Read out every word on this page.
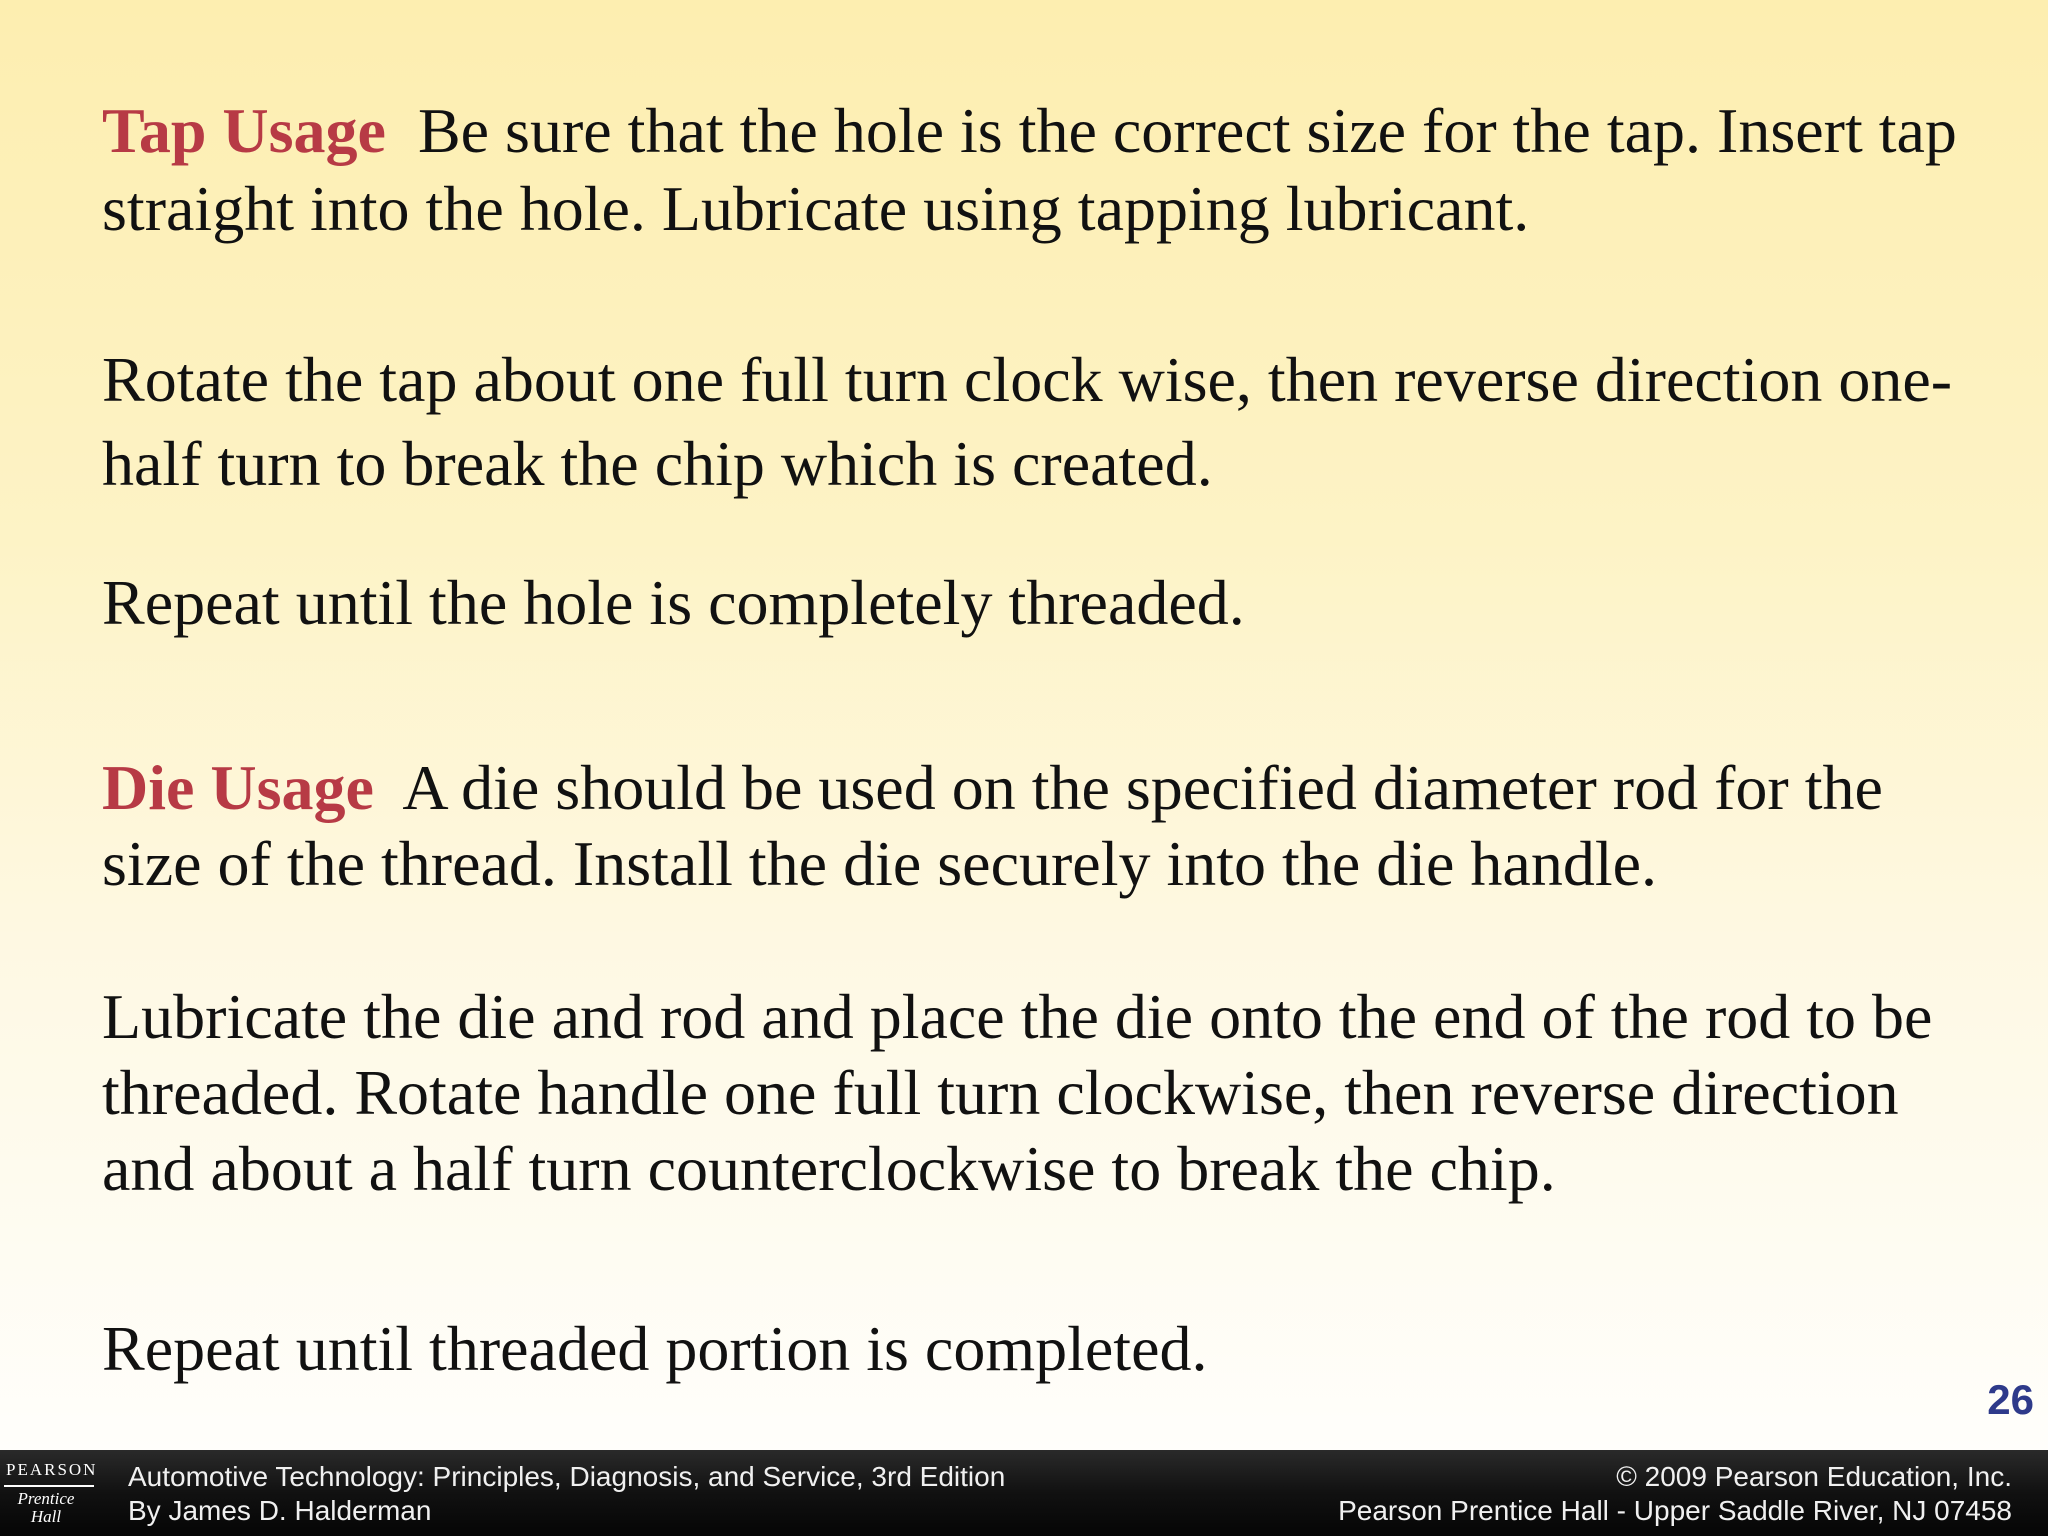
Tap Usage Be sure that the hole is the correct size for the tap. Insert tap straight into the hole. Lubricate using tapping lubricant.

Rotate the tap about one full turn clock wise, then reverse direction one-half turn to break the chip which is created.

Repeat until the hole is completely threaded.

Die Usage A die should be used on the specified diameter rod for the size of the thread. Install the die securely into the die handle.

Lubricate the die and rod and place the die onto the end of the rod to be threaded. Rotate handle one full turn clockwise, then reverse direction and about a half turn counterclockwise to break the chip.

Repeat until threaded portion is completed.

26
PEARSON
Prentice Hall
Automotive Technology: Principles, Diagnosis, and Service, 3rd Edition
By James D. Halderman
© 2009 Pearson Education, Inc.
Pearson Prentice Hall - Upper Saddle River, NJ 07458
